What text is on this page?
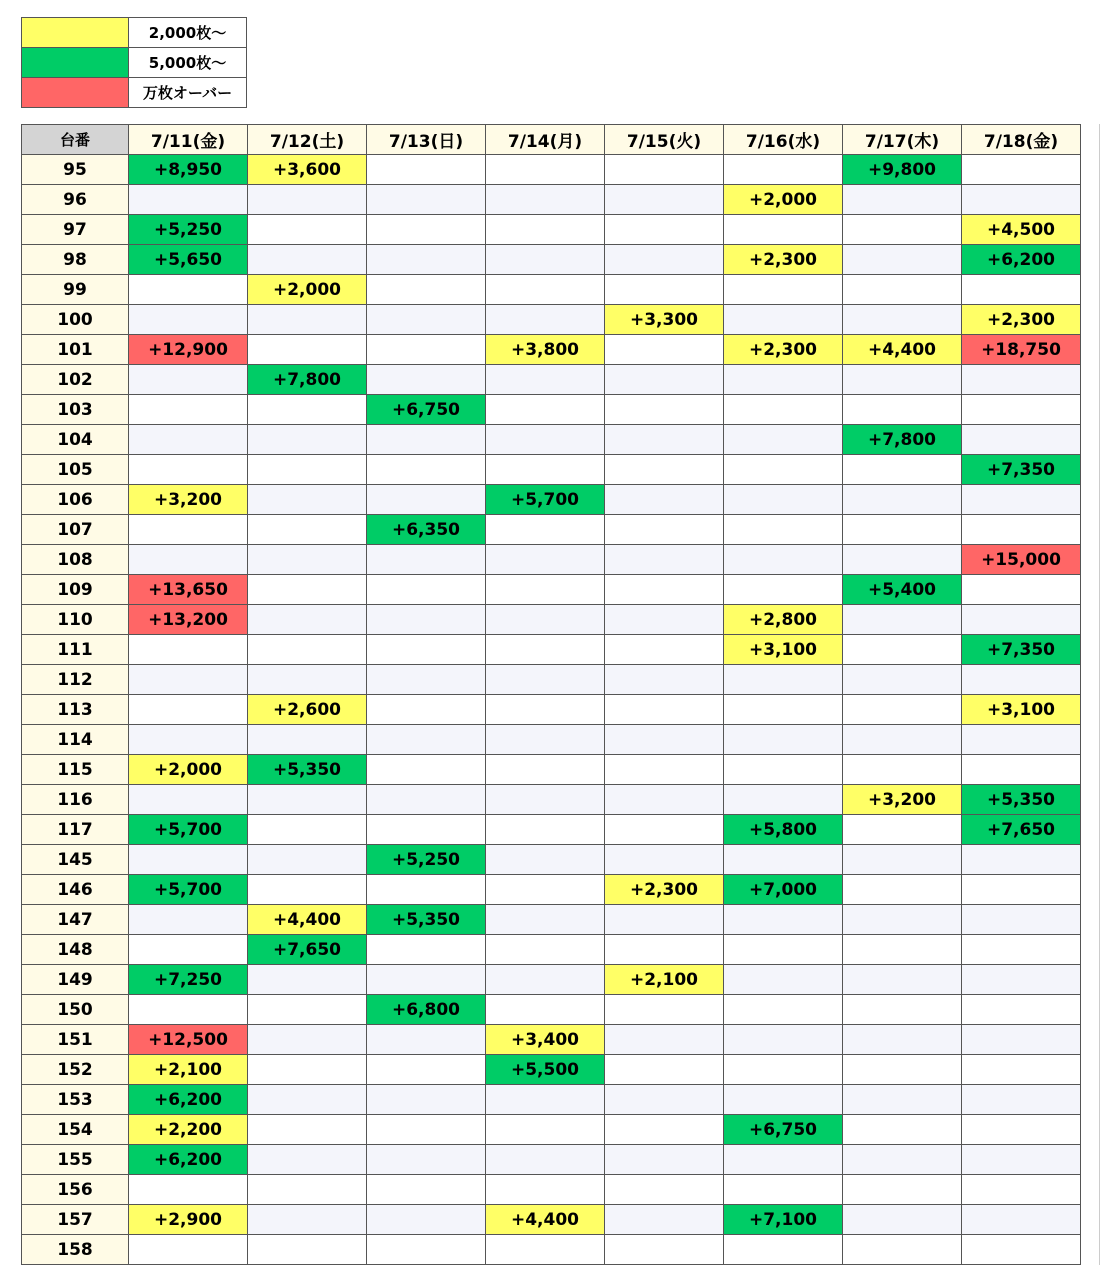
	2,000枚～
	5,000枚～
	万枚オーバー
台番	7/11(金)	7/12(土)	7/13(日)	7/14(月)	7/15(火)	7/16(水)	7/17(木)	7/18(金)
95	+8,950	+3,600					+9,800	
96						+2,000		
97	+5,250							+4,500
98	+5,650					+2,300		+6,200
99		+2,000						
100					+3,300			+2,300
101	+12,900			+3,800		+2,300	+4,400	+18,750
102		+7,800						
103			+6,750					
104							+7,800	
105								+7,350
106	+3,200			+5,700				
107			+6,350					
108								+15,000
109	+13,650						+5,400	
110	+13,200					+2,800		
111						+3,100		+7,350
112								
113		+2,600						+3,100
114								
115	+2,000	+5,350						
116							+3,200	+5,350
117	+5,700					+5,800		+7,650
145			+5,250					
146	+5,700				+2,300	+7,000		
147		+4,400	+5,350					
148		+7,650						
149	+7,250				+2,100			
150			+6,800					
151	+12,500			+3,400				
152	+2,100			+5,500				
153	+6,200							
154	+2,200					+6,750		
155	+6,200							
156								
157	+2,900			+4,400		+7,100		
158								
